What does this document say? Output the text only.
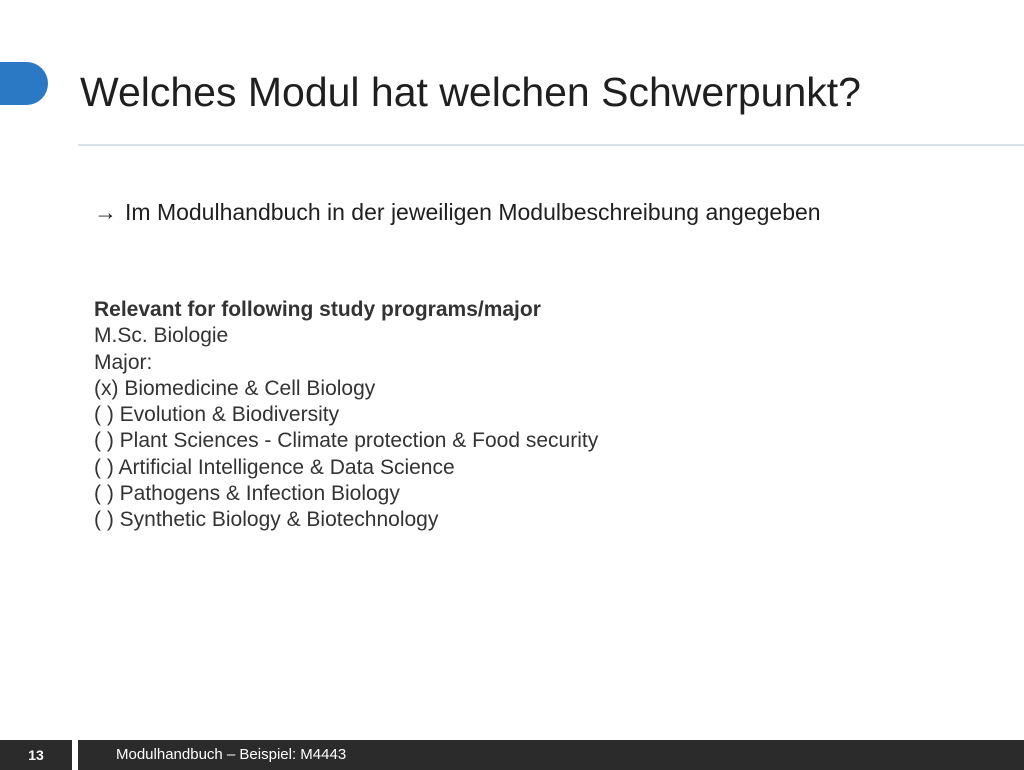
Welches Modul hat welchen Schwerpunkt?
→ Im Modulhandbuch in der jeweiligen Modulbeschreibung angegeben
Relevant for following study programs/major
M.Sc. Biologie
Major:
(x) Biomedicine & Cell Biology
( ) Evolution & Biodiversity
( ) Plant Sciences - Climate protection & Food security
( ) Artificial Intelligence & Data Science
( ) Pathogens & Infection Biology
( ) Synthetic Biology & Biotechnology
13	Modulhandbuch – Beispiel: M4443
